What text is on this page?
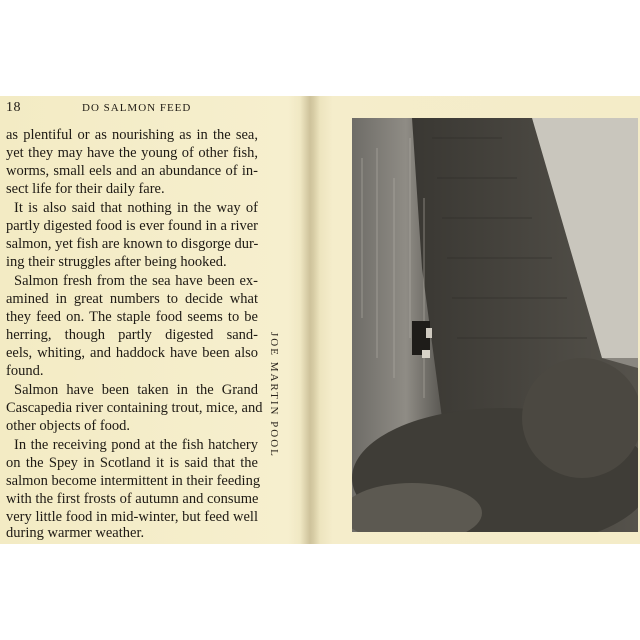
18	DO SALMON FEED
as plentiful or as nourishing as in the sea,
yet they may have the young of other fish,
worms, small eels and an abundance of in-
sect life for their daily fare.
It is also said that nothing in the way of
partly digested food is ever found in a river
salmon, yet fish are known to disgorge dur-
ing their struggles after being hooked.
Salmon fresh from the sea have been ex-
amined in great numbers to decide what
they feed on. The staple food seems to be
herring, though partly digested sand-
eels, whiting, and haddock have been also
found.
Salmon have been taken in the Grand
Cascapedia river containing trout, mice, and
other objects of food.
In the receiving pond at the fish hatchery
on the Spey in Scotland it is said that the
salmon become intermittent in their feeding
with the first frosts of autumn and consume
very little food in mid-winter, but feed well
during warmer weather.
JOE MARTIN POOL
